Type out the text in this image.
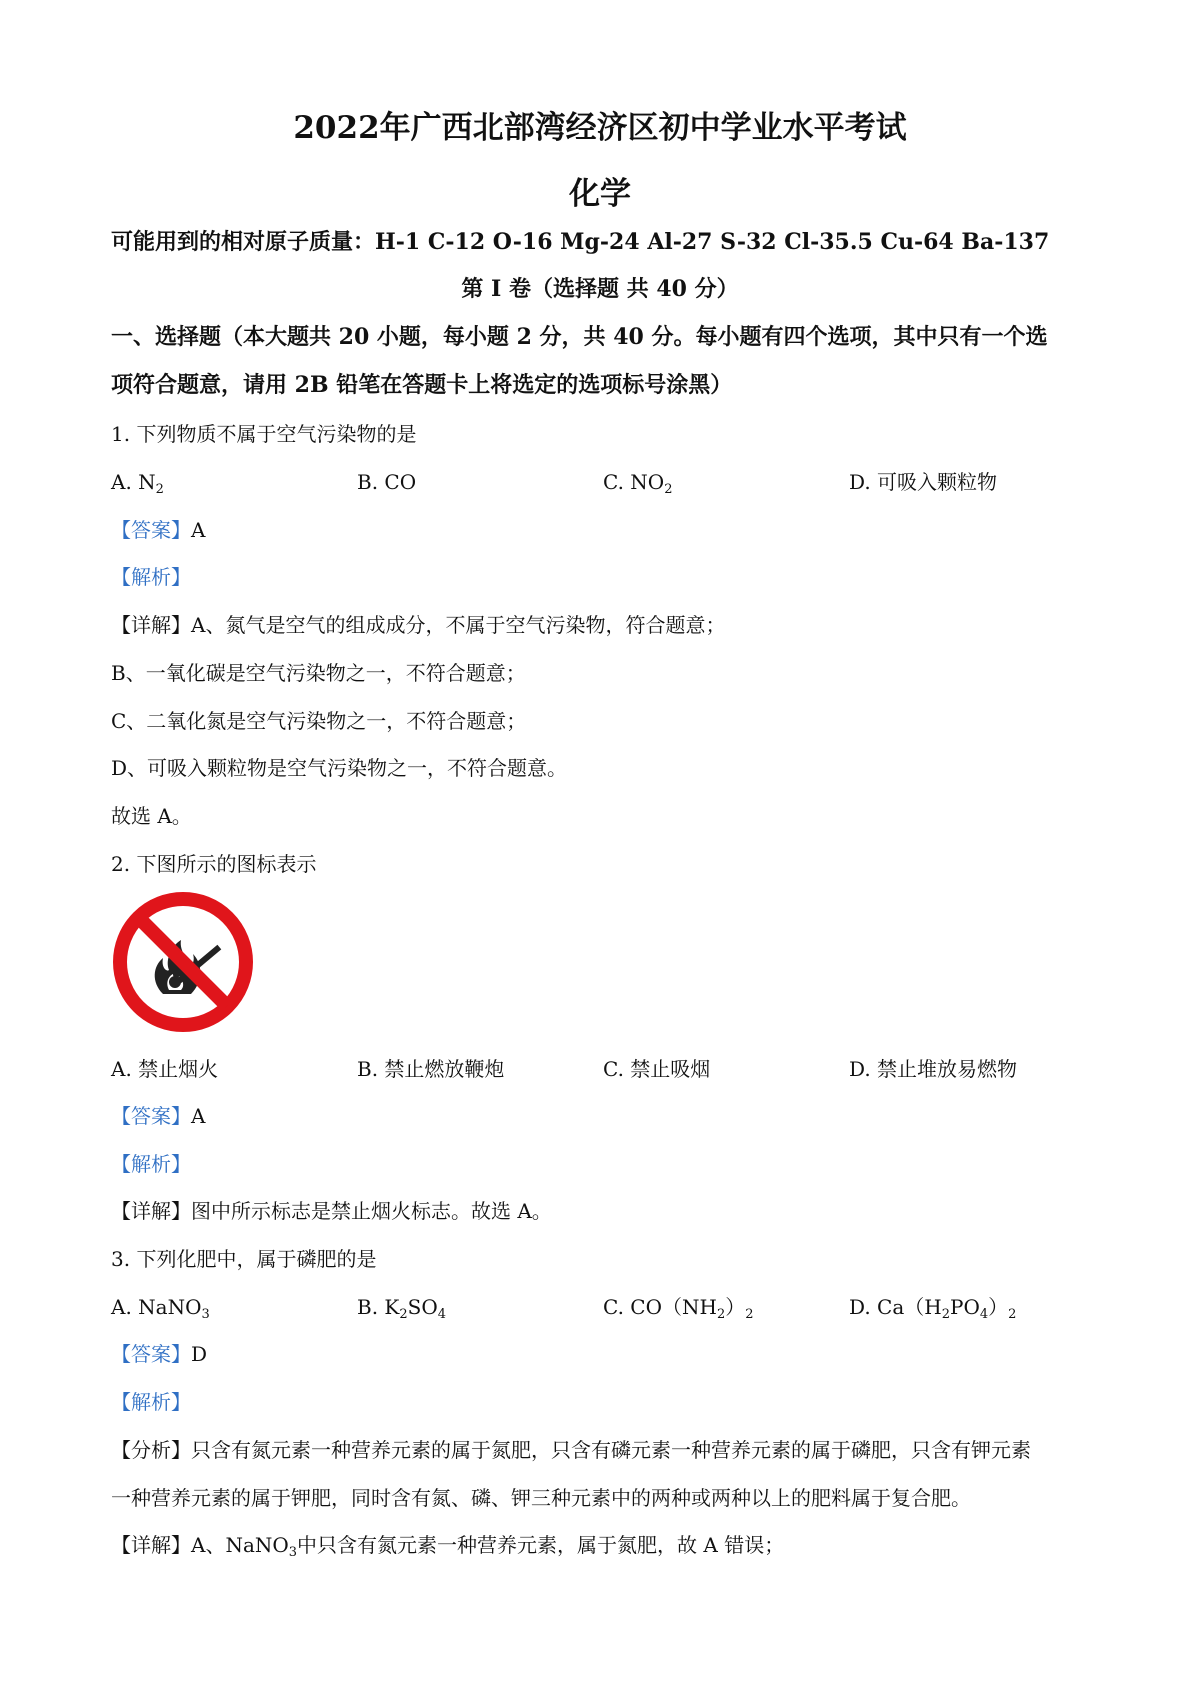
2022年广西北部湾经济区初中学业水平考试
化学
可能用到的相对原子质量：H-1 C-12 O-16 Mg-24 Al-27 S-32 Cl-35.5 Cu-64 Ba-137
第 I 卷（选择题 共 40 分）
一、选择题（本大题共 20 小题，每小题 2 分，共 40 分。每小题有四个选项，其中只有一个选
项符合题意，请用 2B 铅笔在答题卡上将选定的选项标号涂黑）
1. 下列物质不属于空气污染物的是
A. $N_2$	B. CO	C. $NO_2$	D. 可吸入颗粒物
【答案】A
【解析】
【详解】A、氮气是空气的组成成分，不属于空气污染物，符合题意；
B、一氧化碳是空气污染物之一，不符合题意；
C、二氧化氮是空气污染物之一，不符合题意；
D、可吸入颗粒物是空气污染物之一，不符合题意。
故选 A。
2. 下图所示的图标表示
A. 禁止烟火	B. 禁止燃放鞭炮	C. 禁止吸烟	D. 禁止堆放易燃物
【答案】A
【解析】
【详解】图中所示标志是禁止烟火标志。故选 A。
3. 下列化肥中，属于磷肥的是
A. NaNO$_3$	B. $K_2SO_4$	C. $CO(NH_2)_2$	D. $Ca(H_2PO_4)_2$
【答案】D
【解析】
【分析】只含有氮元素一种营养元素的属于氮肥，只含有磷元素一种营养元素的属于磷肥，只含有钾元素
一种营养元素的属于钾肥，同时含有氮、磷、钾三种元素中的两种或两种以上的肥料属于复合肥。
【详解】A、NaNO$_3$中只含有氮元素一种营养元素，属于氮肥，故 A 错误；
